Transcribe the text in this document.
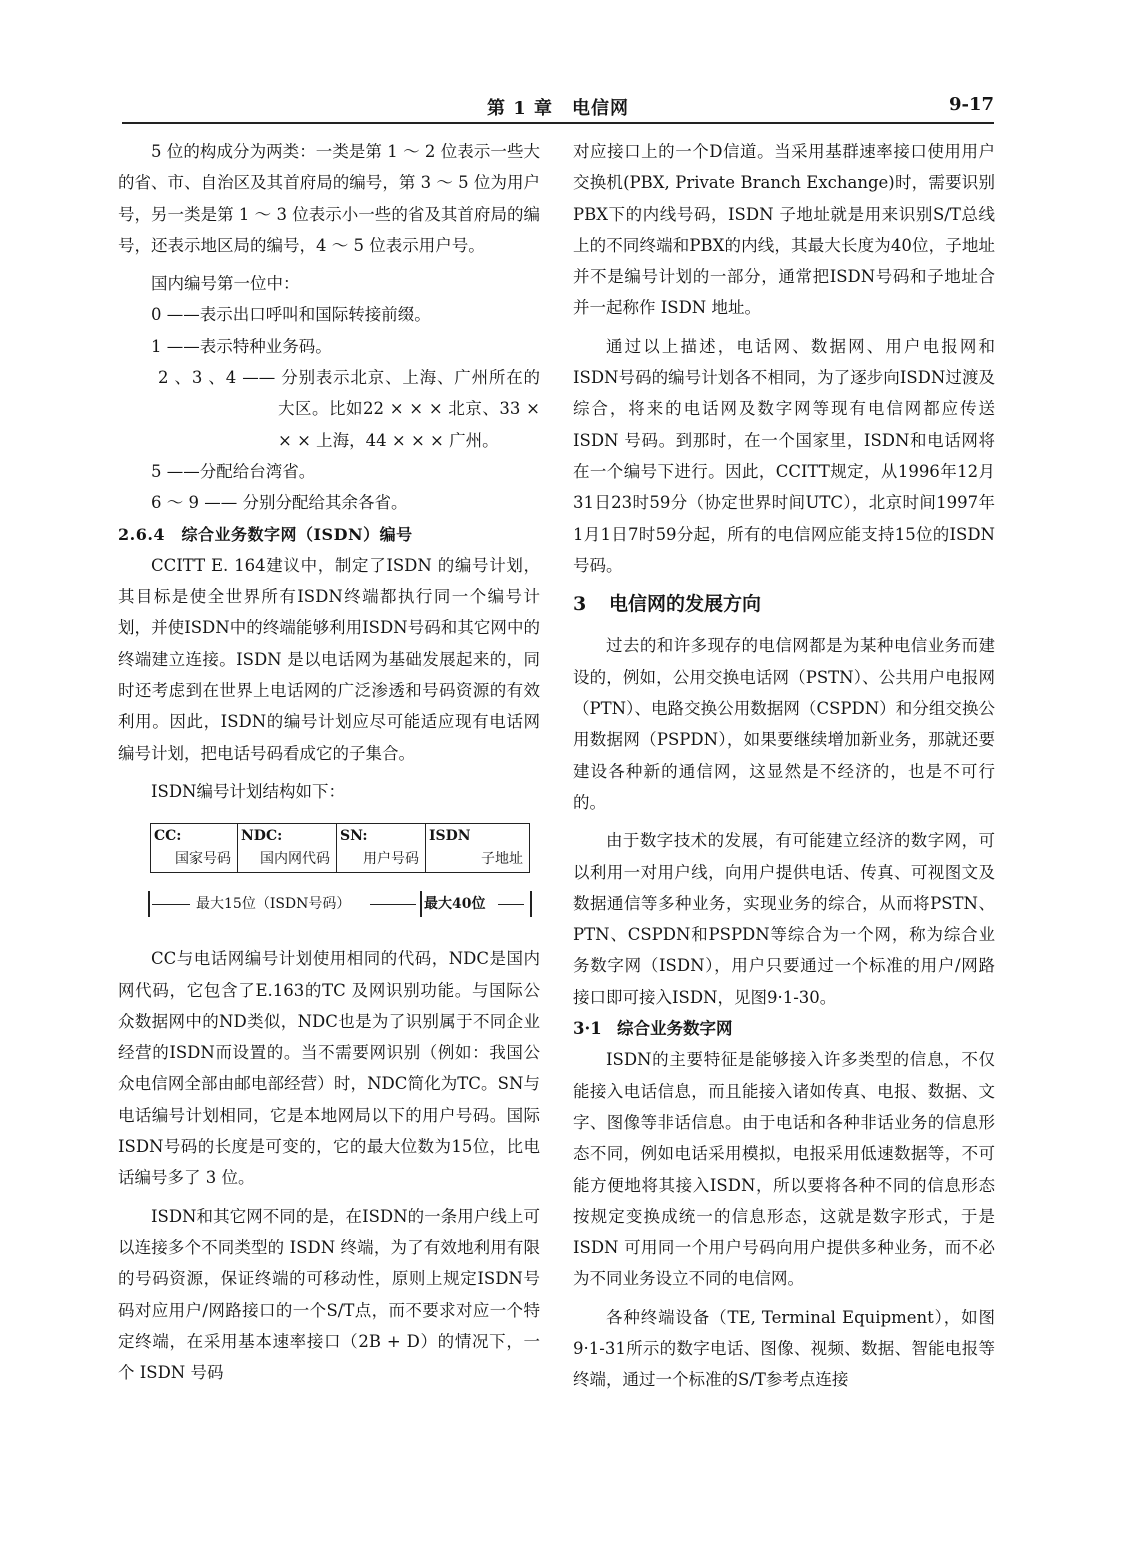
第 1 章　电信网	9-17

5 位的构成分为两类：一类是第 1 ～ 2 位表示一些大的省、市、自治区及其首府局的编号，第 3 ～ 5 位为用户号，另一类是第 1 ～ 3 位表示小一些的省及其首府局的编号，还表示地区局的编号，4 ～ 5 位表示用户号。

国内编号第一位中：

0 ——表示出口呼叫和国际转接前缀。

1 ——表示特种业务码。

2 、3 、4 —— 分别表示北京、上海、广州所在的大区。比如22 × × × 北京、33 × × × 上海，44 × × × 广州。

5 ——分配给台湾省。

6 ～ 9 —— 分别分配给其余各省。

2.6.4　综合业务数字网（ISDN）编号

CCITT E. 164建议中，制定了ISDN 的编号计划，其目标是使全世界所有ISDN终端都执行同一个编号计划，并使ISDN中的终端能够利用ISDN号码和其它网中的终端建立连接。ISDN 是以电话网为基础发展起来的，同时还考虑到在世界上电话网的广泛渗透和号码资源的有效利用。因此，ISDN的编号计划应尽可能适应现有电话网编号计划，把电话号码看成它的子集合。

ISDN编号计划结构如下：

CC:
国家号码
NDC:
国内网代码
SN:
用户号码
ISDN
子地址
最大15位（ISDN号码）	最大40位

CC与电话网编号计划使用相同的代码，NDC是国内网代码，它包含了E.163的TC 及网识别功能。与国际公众数据网中的ND类似，NDC也是为了识别属于不同企业经营的ISDN而设置的。当不需要网识别（例如：我国公众电信网全部由邮电部经营）时，NDC简化为TC。SN与电话编号计划相同，它是本地网局以下的用户号码。国际 ISDN号码的长度是可变的，它的最大位数为15位，比电话编号多了 3 位。

ISDN和其它网不同的是，在ISDN的一条用户线上可以连接多个不同类型的 ISDN 终端，为了有效地利用有限的号码资源，保证终端的可移动性，原则上规定ISDN号码对应用户/网路接口的一个S/T点，而不要求对应一个特定终端，在采用基本速率接口（2B + D）的情况下，一个 ISDN 号码

对应接口上的一个D信道。当采用基群速率接口使用用户交换机(PBX, Private Branch Exchange)时，需要识别PBX下的内线号码，ISDN 子地址就是用来识别S/T总线上的不同终端和PBX的内线，其最大长度为40位，子地址并不是编号计划的一部分，通常把ISDN号码和子地址合并一起称作 ISDN 地址。

通过以上描述，电话网、数据网、用户电报网和ISDN号码的编号计划各不相同，为了逐步向ISDN过渡及综合，将来的电话网及数字网等现有电信网都应传送ISDN 号码。到那时，在一个国家里，ISDN和电话网将在一个编号下进行。因此，CCITT规定，从1996年12月31日23时59分（协定世界时间UTC），北京时间1997年1月1日7时59分起，所有的电信网应能支持15位的ISDN号码。

3 电信网的发展方向

过去的和许多现存的电信网都是为某种电信业务而建设的，例如，公用交换电话网（PSTN）、公共用户电报网（PTN）、电路交换公用数据网（CSPDN）和分组交换公用数据网（PSPDN），如果要继续增加新业务，那就还要建设各种新的通信网，这显然是不经济的，也是不可行的。

由于数字技术的发展，有可能建立经济的数字网，可以利用一对用户线，向用户提供电话、传真、可视图文及数据通信等多种业务，实现业务的综合，从而将PSTN、PTN、CSPDN和PSPDN等综合为一个网，称为综合业务数字网（ISDN），用户只要通过一个标准的用户/网路接口即可接入ISDN，见图9·1-30。

3·1 综合业务数字网

ISDN的主要特征是能够接入许多类型的信息，不仅能接入电话信息，而且能接入诸如传真、电报、数据、文字、图像等非话信息。由于电话和各种非话业务的信息形态不同，例如电话采用模拟，电报采用低速数据等，不可能方便地将其接入ISDN，所以要将各种不同的信息形态按规定变换成统一的信息形态，这就是数字形式，于是 ISDN 可用同一个用户号码向用户提供多种业务，而不必为不同业务设立不同的电信网。

各种终端设备（TE, Terminal Equipment），如图9·1-31所示的数字电话、图像、视频、数据、智能电报等终端，通过一个标准的S/T参考点连接
